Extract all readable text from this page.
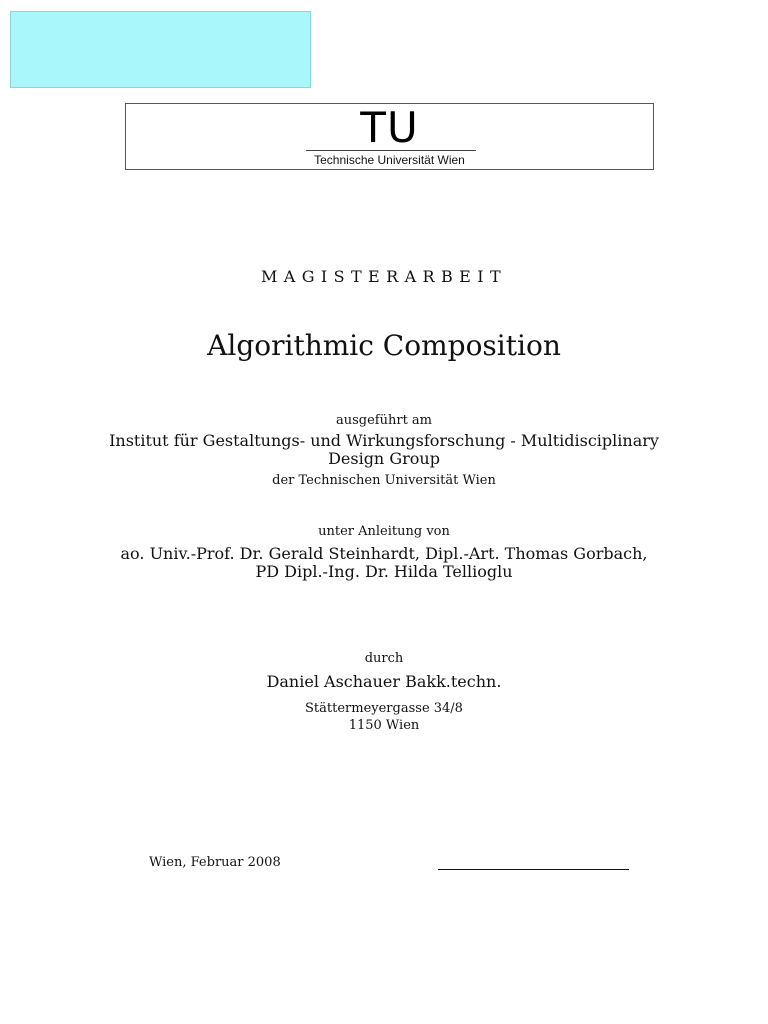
TU
Technische Universität Wien
MAGISTERARBEIT
Algorithmic Composition
ausgeführt am
Institut für Gestaltungs- und Wirkungsforschung - Multidisciplinary
Design Group
der Technischen Universität Wien
unter Anleitung von
ao. Univ.-Prof. Dr. Gerald Steinhardt, Dipl.-Art. Thomas Gorbach,
PD Dipl.-Ing. Dr. Hilda Tellioglu
durch
Daniel Aschauer Bakk.techn.
Stättermeyergasse 34/8
1150 Wien
Wien, Februar 2008
